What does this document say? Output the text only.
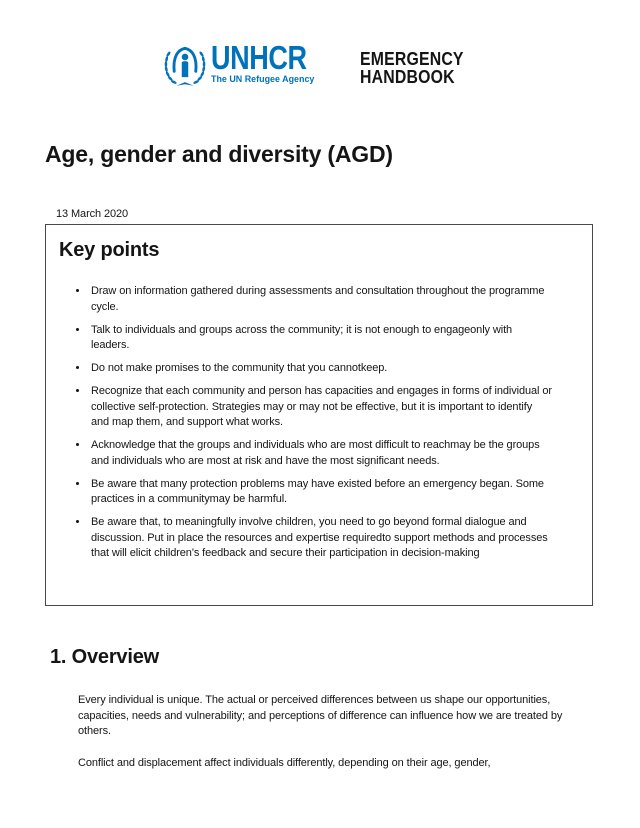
UNHCR
The UN Refugee Agency
EMERGENCY
HANDBOOK
Age, gender and diversity (AGD)
13 March 2020
Key points
• Draw on information gathered during assessments and consultation throughout the programme cycle.
• Talk to individuals and groups across the community; it is not enough to engageonly with leaders.
• Do not make promises to the community that you cannotkeep.
• Recognize that each community and person has capacities and engages in forms of individual or collective self-protection. Strategies may or may not be effective, but it is important to identify and map them, and support what works.
• Acknowledge that the groups and individuals who are most difficult to reachmay be the groups and individuals who are most at risk and have the most significant needs.
• Be aware that many protection problems may have existed before an emergency began. Some practices in a communitymay be harmful.
• Be aware that, to meaningfully involve children, you need to go beyond formal dialogue and discussion. Put in place the resources and expertise requiredto support methods and processes that will elicit children's feedback and secure their participation in decision-making
1. Overview

Every individual is unique. The actual or perceived differences between us shape our opportunities, capacities, needs and vulnerability; and perceptions of difference can influence how we are treated by others.

Conflict and displacement affect individuals differently, depending on their age, gender,
